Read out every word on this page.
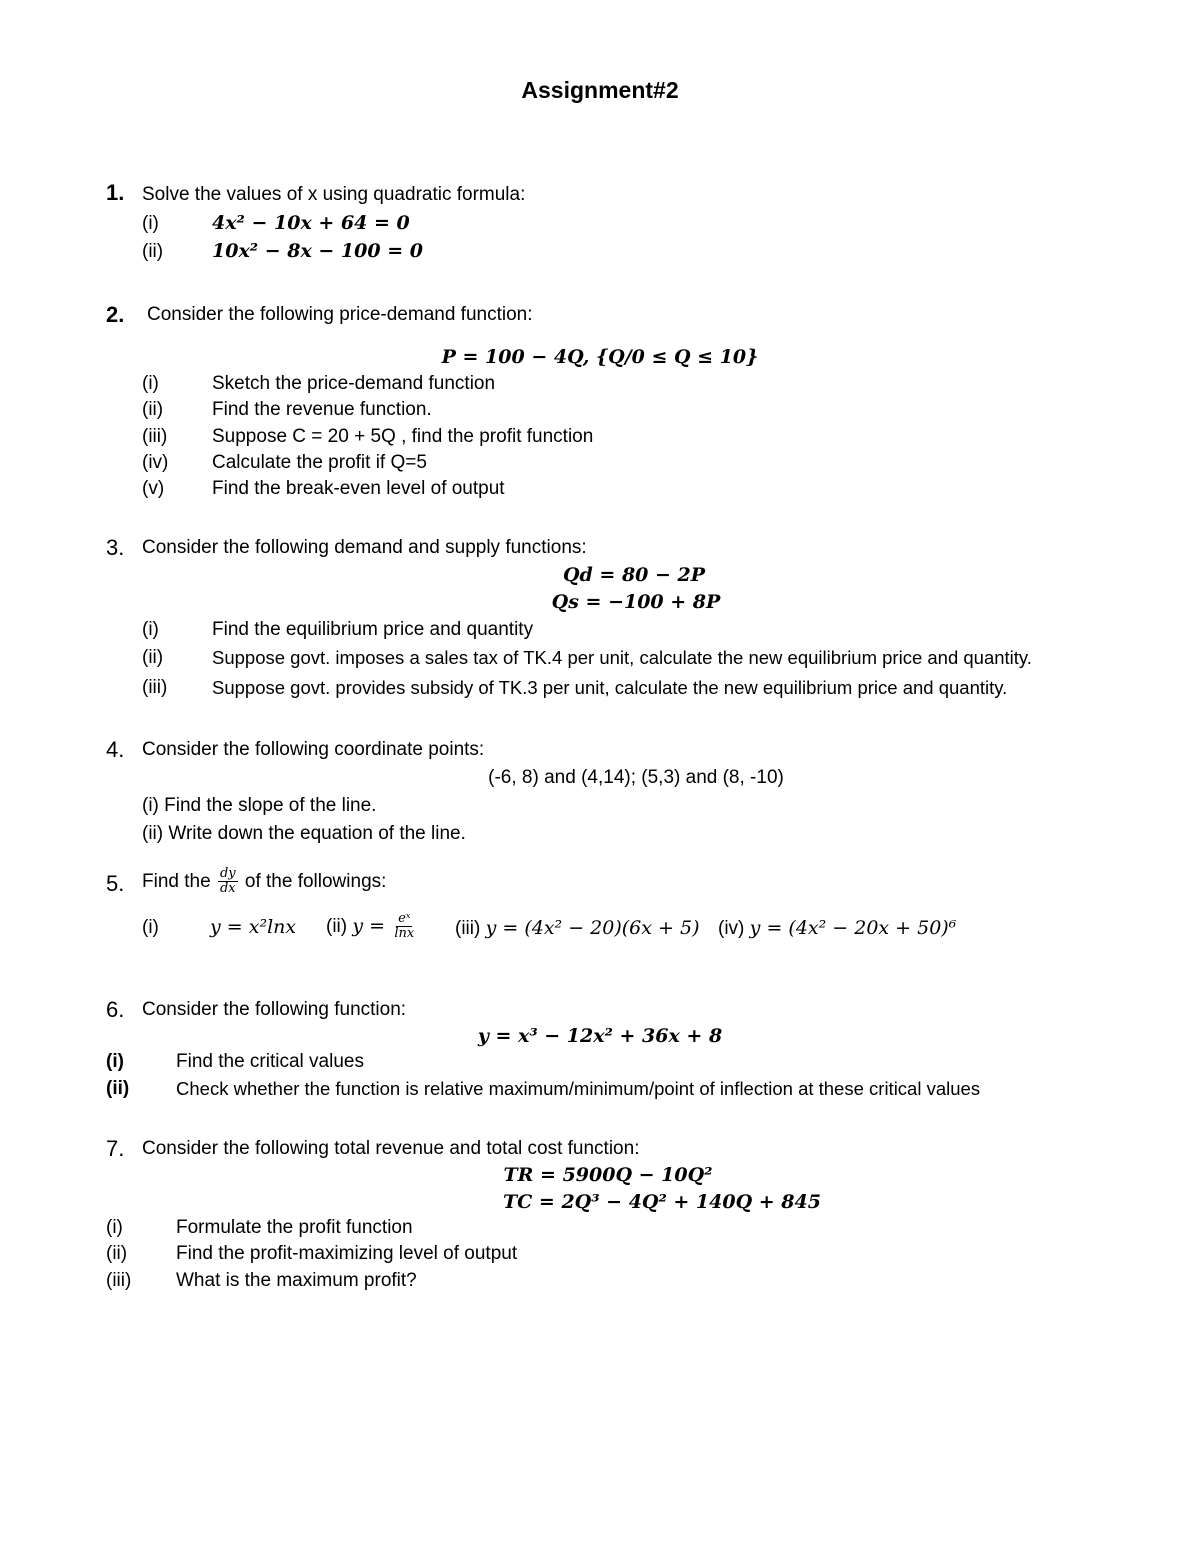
Assignment#2
1. Solve the values of x using quadratic formula:
(i)	4x² − 10x + 64 = 0
(ii)	10x² − 8x − 100 = 0
2. Consider the following price-demand function:
P = 100 − 4Q, {Q/0 ≤ Q ≤ 10}
(i)	Sketch the price-demand function
(ii)	Find the revenue function.
(iii) Suppose C = 20 + 5Q , find the profit function
(iv) Calculate the profit if Q=5
(v)	Find the break-even level of output
3. Consider the following demand and supply functions:
Qd = 80 − 2P
Qs = −100 + 8P
(i)	Find the equilibrium price and quantity
(ii)	Suppose govt. imposes a sales tax of TK.4 per unit, calculate the new equilibrium price and quantity.
(iii) Suppose govt. provides subsidy of TK.3 per unit, calculate the new equilibrium price and quantity.
4. Consider the following coordinate points:
(-6, 8) and (4,14); (5,3) and (8, -10)
(i) Find the slope of the line.
(ii) Write down the equation of the line.
5. Find the $\frac{dy}{dx}$ of the followings:
(i)	y = x²lnx (ii) $y = \frac{\text{eˣ}}{\ln x} (iii) y = (4x^2 - 20)(6x + 5)$ (iv) y = (4x² − 20x + 50)⁶
6. Consider the following function:
y = x³ − 12x² + 36x + 8
(i)	Find the critical values
(ii)	Check whether the function is relative maximum/minimum/point of inflection at these critical values
7. Consider the following total revenue and total cost function:
TR = 5900Q − 10Q²
TC = 2Q³ − 4Q² + 140Q + 845
(i)	Formulate the profit function
(ii)	Find the profit-maximizing level of output
(iii) What is the maximum profit?
